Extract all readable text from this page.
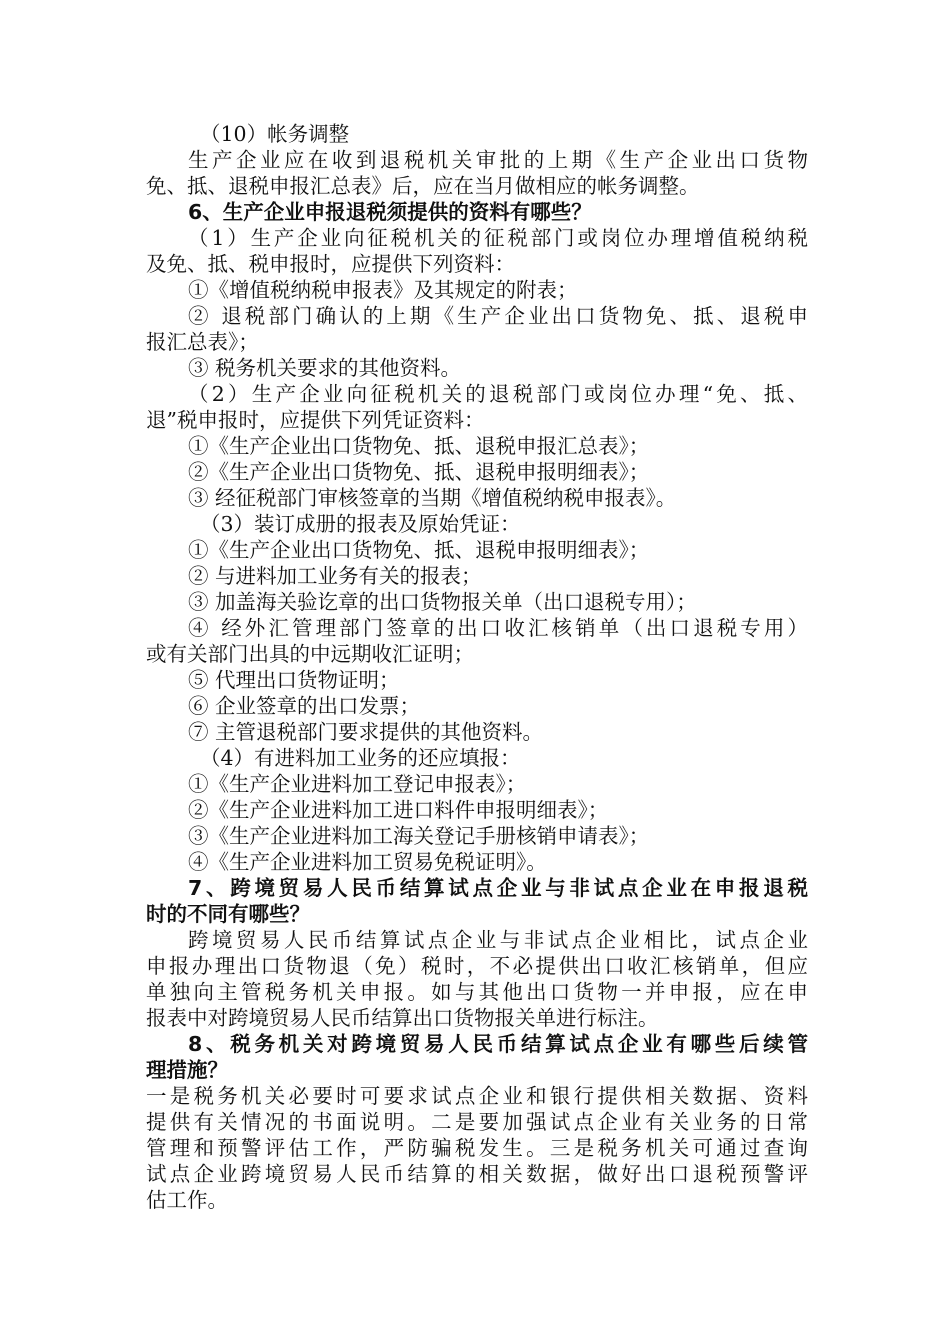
（10）帐务调整
生产企业应在收到退税机关审批的上期《生产企业出口货物
免、抵、退税申报汇总表》后，应在当月做相应的帐务调整。
6、生产企业申报退税须提供的资料有哪些？
（1）生产企业向征税机关的征税部门或岗位办理增值税纳税
及免、抵、税申报时，应提供下列资料：
①《增值税纳税申报表》及其规定的附表；
② 退税部门确认的上期《生产企业出口货物免、抵、退税申
报汇总表》；
③ 税务机关要求的其他资料。
（2）生产企业向征税机关的退税部门或岗位办理“免、抵、
退”税申报时，应提供下列凭证资料：
①《生产企业出口货物免、抵、退税申报汇总表》；
②《生产企业出口货物免、抵、退税申报明细表》；
③ 经征税部门审核签章的当期《增值税纳税申报表》。
（3）装订成册的报表及原始凭证：
①《生产企业出口货物免、抵、退税申报明细表》；
② 与进料加工业务有关的报表；
③ 加盖海关验讫章的出口货物报关单（出口退税专用）；
④ 经外汇管理部门签章的出口收汇核销单（出口退税专用）
或有关部门出具的中远期收汇证明；
⑤ 代理出口货物证明；
⑥ 企业签章的出口发票；
⑦ 主管退税部门要求提供的其他资料。
（4）有进料加工业务的还应填报：
①《生产企业进料加工登记申报表》；
②《生产企业进料加工进口料件申报明细表》；
③《生产企业进料加工海关登记手册核销申请表》；
④《生产企业进料加工贸易免税证明》。
7、跨境贸易人民币结算试点企业与非试点企业在申报退税
时的不同有哪些？
跨境贸易人民币结算试点企业与非试点企业相比，试点企业
申报办理出口货物退（免）税时，不必提供出口收汇核销单，但应
单独向主管税务机关申报。如与其他出口货物一并申报，应在申
报表中对跨境贸易人民币结算出口货物报关单进行标注。
8、税务机关对跨境贸易人民币结算试点企业有哪些后续管
理措施？
一是税务机关必要时可要求试点企业和银行提供相关数据、资料
提供有关情况的书面说明。二是要加强试点企业有关业务的日常
管理和预警评估工作，严防骗税发生。三是税务机关可通过查询
试点企业跨境贸易人民币结算的相关数据，做好出口退税预警评
估工作。
